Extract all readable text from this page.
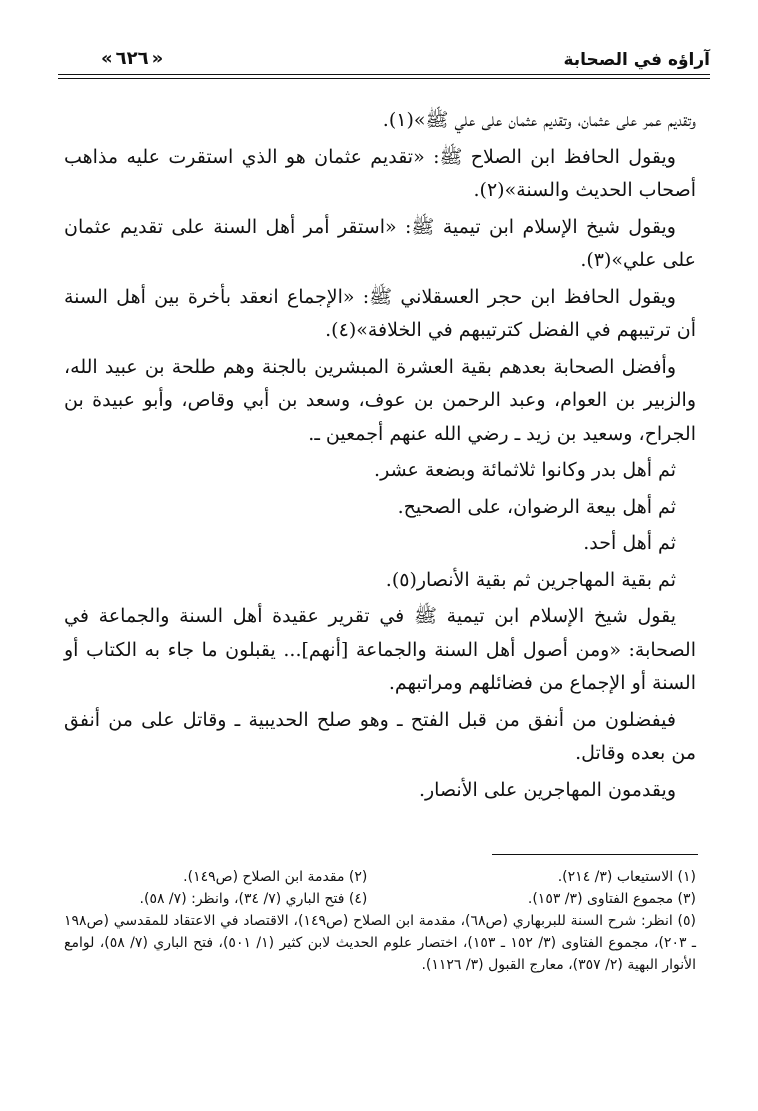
آراؤه في الصحابة
« ٦٢٦ »

وتقديم عمر على عثمان، وتقديم عثمان على علي ﷺ»(١).

ويقول الحافظ ابن الصلاح ﷺ: «تقديم عثمان هو الذي استقرت عليه مذاهب أصحاب الحديث والسنة»(٢).

ويقول شيخ الإسلام ابن تيمية ﷺ: «استقر أمر أهل السنة على تقديم عثمان على علي»(٣).

ويقول الحافظ ابن حجر العسقلاني ﷺ: «الإجماع انعقد بأخرة بين أهل السنة أن ترتيبهم في الفضل كترتيبهم في الخلافة»(٤).

وأفضل الصحابة بعدهم بقية العشرة المبشرين بالجنة وهم طلحة بن عبيد الله، والزبير بن العوام، وعبد الرحمن بن عوف، وسعد بن أبي وقاص، وأبو عبيدة بن الجراح، وسعيد بن زيد ـ رضي الله عنهم أجمعين ـ.

ثم أهل بدر وكانوا ثلاثمائة وبضعة عشر.

ثم أهل بيعة الرضوان، على الصحيح.

ثم أهل أحد.

ثم بقية المهاجرين ثم بقية الأنصار(٥).

يقول شيخ الإسلام ابن تيمية ﷺ في تقرير عقيدة أهل السنة والجماعة في الصحابة: «ومن أصول أهل السنة والجماعة [أنهم]... يقبلون ما جاء به الكتاب أو السنة أو الإجماع من فضائلهم ومراتبهم.

فيفضلون من أنفق من قبل الفتح ـ وهو صلح الحديبية ـ وقاتل على من أنفق من بعده وقاتل.

ويقدمون المهاجرين على الأنصار.

(١) الاستيعاب (٣/ ٢١٤).
(٢) مقدمة ابن الصلاح (ص١٤٩).
(٣) مجموع الفتاوى (٣/ ١٥٣).
(٤) فتح الباري (٧/ ٣٤)، وانظر: (٧/ ٥٨).
(٥) انظر: شرح السنة للبربهاري (ص٦٨)، مقدمة ابن الصلاح (ص١٤٩)، الاقتصاد في الاعتقاد للمقدسي (ص١٩٨ ـ ٢٠٣)، مجموع الفتاوى (٣/ ١٥٢ ـ ١٥٣)، اختصار علوم الحديث لابن كثير (١/ ٥٠١)، فتح الباري (٧/ ٥٨)، لوامع الأنوار البهية (٢/ ٣٥٧)، معارج القبول (٣/ ١١٢٦).
